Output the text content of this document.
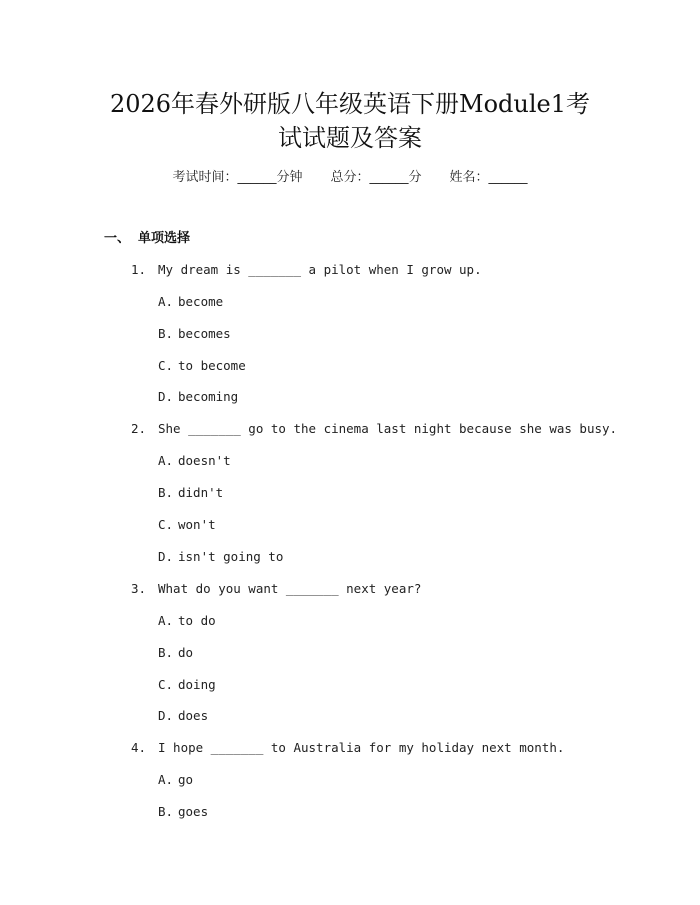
2026年春外研版八年级英语下册Module1考
试试题及答案
考试时间：______分钟 总分：______分 姓名：______
一、 单项选择
1. My dream is _______ a pilot when I grow up.
A. become
B. becomes
C. to become
D. becoming
2. She _______ go to the cinema last night because she was busy.
A. doesn't
B. didn't
C. won't
D. isn't going to
3. What do you want _______ next year?
A. to do
B. do
C. doing
D. does
4. I hope _______ to Australia for my holiday next month.
A. go
B. goes
